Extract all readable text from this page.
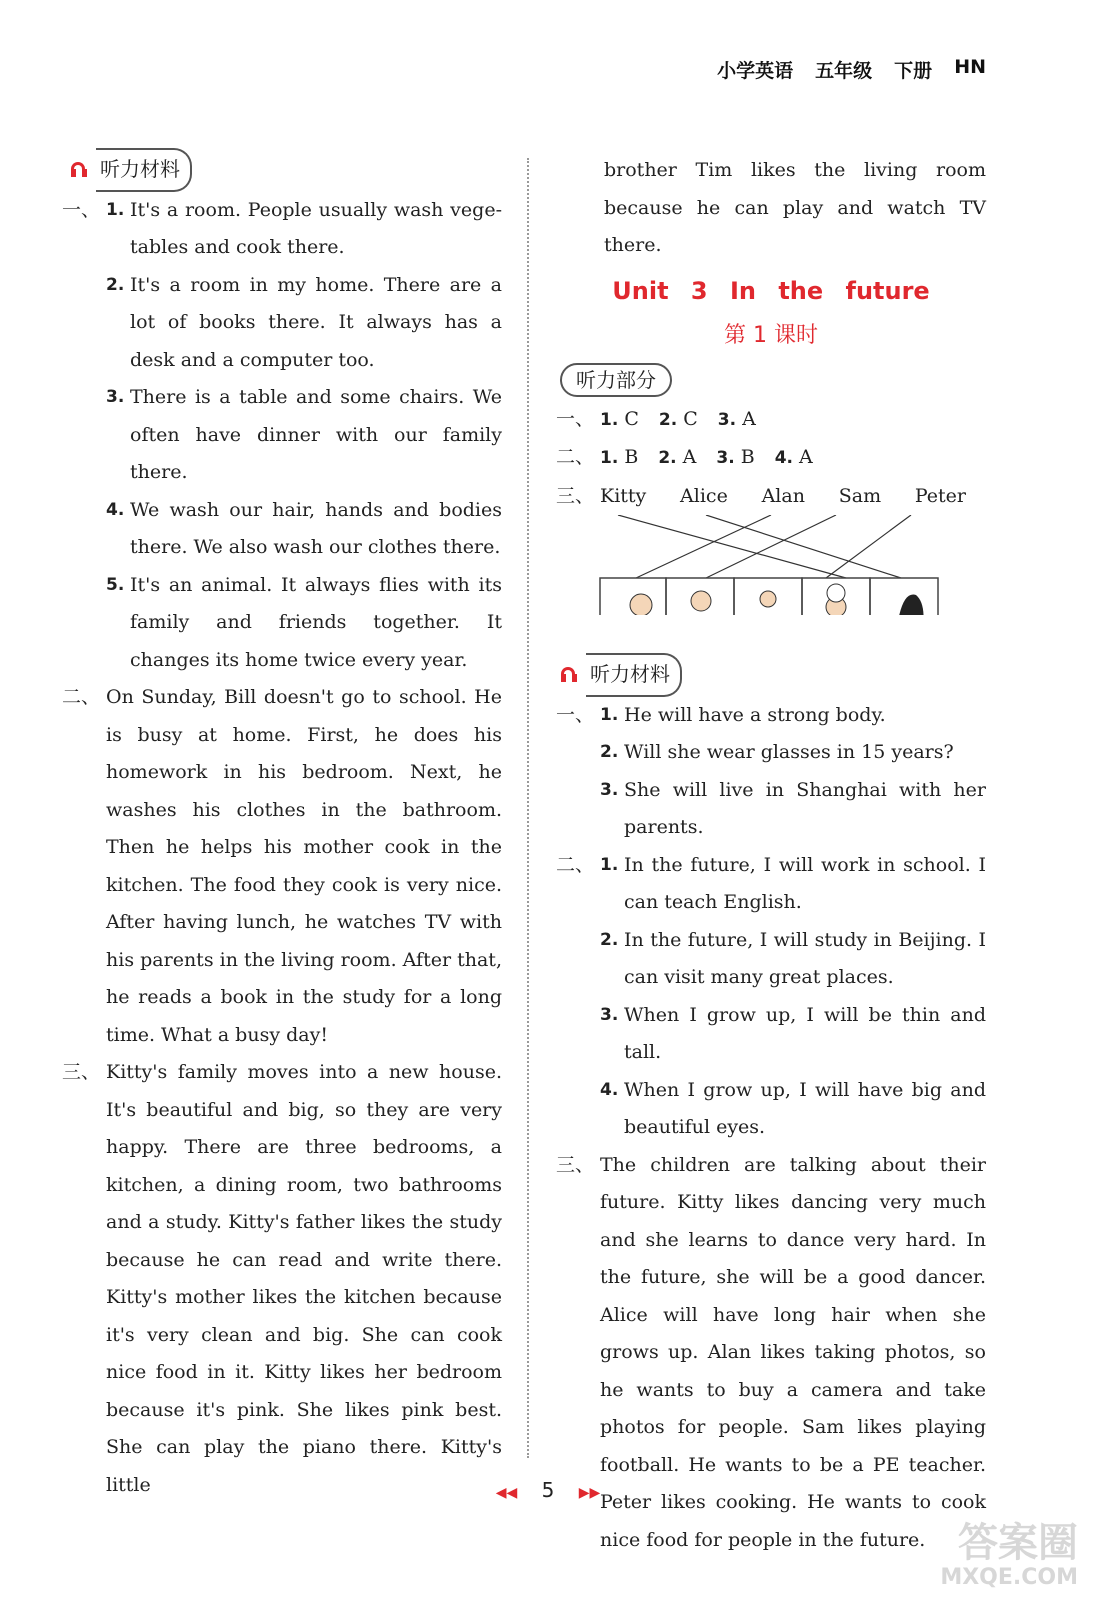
小学英语 五年级 下册 HN
听力材料
一、 1. It's a room. People usually wash vege-tables and cook there.
2. It's a room in my home. There are a lot of books there. It always has a desk and a computer too.
3. There is a table and some chairs. We often have dinner with our family there.
4. We wash our hair, hands and bodies there. We also wash our clothes there.
5. It's an animal. It always flies with its family and friends together. It changes its home twice every year.
二、 On Sunday, Bill doesn't go to school. He is busy at home. First, he does his homework in his bedroom. Next, he washes his clothes in the bathroom. Then he helps his mother cook in the kitchen. The food they cook is very nice. After having lunch, he watches TV with his parents in the living room. After that, he reads a book in the study for a long time. What a busy day!
三、 Kitty's family moves into a new house. It's beautiful and big, so they are very happy. There are three bedrooms, a kitchen, a dining room, two bathrooms and a study. Kitty's father likes the study because he can read and write there. Kitty's mother likes the kitchen because it's very clean and big. She can cook nice food in it. Kitty likes her bedroom because it's pink. She likes pink best. She can play the piano there. Kitty's little
brother Tim likes the living room because he can play and watch TV there.
Unit 3 In the future
第 1 课时
听力部分
一、 1. C 2. C 3. A
二、 1. B 2. A 3. B 4. A
三、 Kitty Alice Alan Sam Peter
听力材料
一、 1. He will have a strong body.
2. Will she wear glasses in 15 years?
3. She will live in Shanghai with her parents.
二、 1. In the future, I will work in school. I can teach English.
2. In the future, I will study in Beijing. I can visit many great places.
3. When I grow up, I will be thin and tall.
4. When I grow up, I will have big and beautiful eyes.
三、 The children are talking about their future. Kitty likes dancing very much and she learns to dance very hard. In the future, she will be a good dancer. Alice will have long hair when she grows up. Alan likes taking photos, so he wants to buy a camera and take photos for people. Sam likes playing football. He wants to be a PE teacher. Peter likes cooking. He wants to cook nice food for people in the future.
◀◀ 5 ▶▶
答案圈
MXQE.COM
